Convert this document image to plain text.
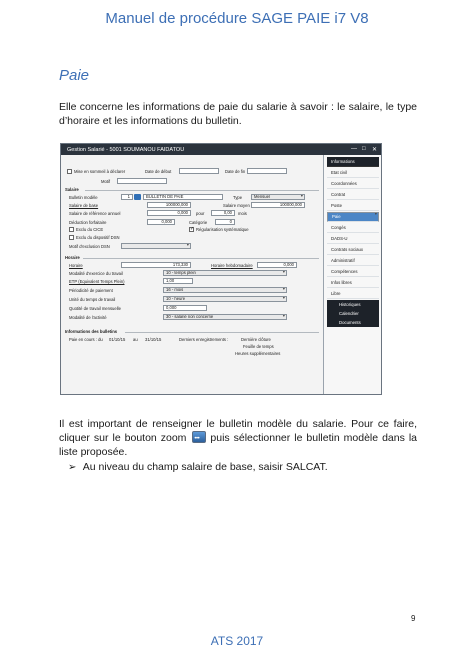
Manuel de procédure SAGE PAIE i7 V8
Paie
Elle concerne les informations de paie du salarie à savoir : le salaire, le type d’horaire et les informations du bulletin.
Gestion Salarié - 5001 SOUMANOU FAIDATOU	— □ ✕
Mise en sommeil à déclarer	Date de début	Date de fin
Motif
Salaire
Bulletin modèle	1	BULLETIN DE PAIE	Type	Mensuel ▾
Salaire de base	100000,000	Salaire moyen	100000,000
Salaire de référence annuel	0,000	pour	0,00	mois
Déduction forfaitaire	0,000	Catégorie	0
Exclu du CICE ✓	Régularisation systématique
Exclu du dispositif DSN
Motif d'exclusion DSN
▾
Horaire
Horaire	173,330	Horaire hebdomadaire	0,000
Modalité d'exercice du travail	10 - temps plein ▾
ETP (Equivalent Temps Plein)	1,00
Périodicité de paiement	16 - mois ▾
Unité du temps de travail	10 - heure ▾
Quotité de travail mensuelle	0,000
Modalité de l'activité	30 - salarié non concerné ▾
Informations des bulletins
Paie en cours : du 01/10/15 au 31/10/15	Derniers enregistrements :	Dernière clôture
Feuille de temps
Heures supplémentaires
Informations
Etat civil
Coordonnées
Contrat
Poste
Paie ▾
Congés
DADS-U
Contrats sociaux
Administratif
Compétences
Infos libres
Libre
Historiques
Calendrier
Documents
Il est important de renseigner le bulletin modèle du salarie. Pour ce faire, cliquer sur le bouton zoom ••• puis sélectionner le bulletin modèle dans la liste proposée.
➢ Au niveau du champ salaire de base, saisir SALCAT.
9
ATS 2017
